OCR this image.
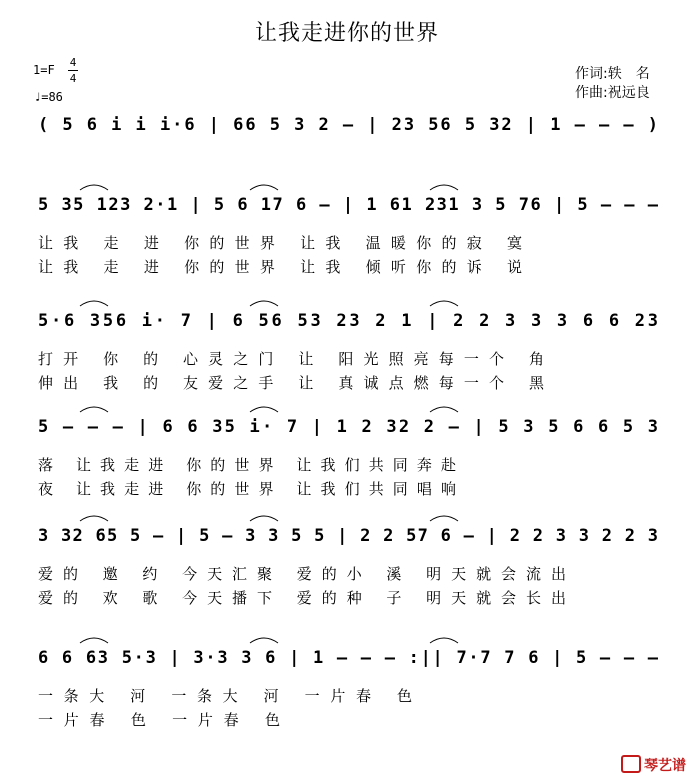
让我走进你的世界
1=F
4
4
♩=86
作词:轶　名
作曲:祝远良
( 5 6 i i i·6 | 66 5 3 2 – | 23 56 5 32 | 1 – – – )
5 35 123 2·1 | 5 6 17 6 – | 1 61 231 3 5 76 | 5 – – –
让我 走 进 你的世界 让我 温暖你的寂 寞
让我 走 进 你的世界 让我 倾听你的诉 说
5·6 356 i· 7 | 6 56 53 23 2 1 | 2 2 3 3 3 6 6 23
打开 你 的 心灵之门 让 阳光照亮每一个 角
伸出 我 的 友爱之手 让 真诚点燃每一个 黑
5 – – – | 6 6 35 i· 7 | 1 2 32 2 – | 5 3 5 6 6 5 3
落 让我走进 你的世界 让我们共同奔赴
夜 让我走进 你的世界 让我们共同唱响
3 32 65 5 – | 5 – 3 3 5 5 | 2 2 57 6 – | 2 2 3 3 2 2 3
爱的 邀 约 今天汇聚 爱的小 溪 明天就会流出
爱的 欢 歌 今天播下 爱的种 子 明天就会长出
6 6 63 5·3 | 3·3 3 6 | 1 – – – :|| 7·7 7 6 | 5 – – –
一条大 河 一条大 河 一片春 色
一片春 色 一片春 色
琴艺谱
